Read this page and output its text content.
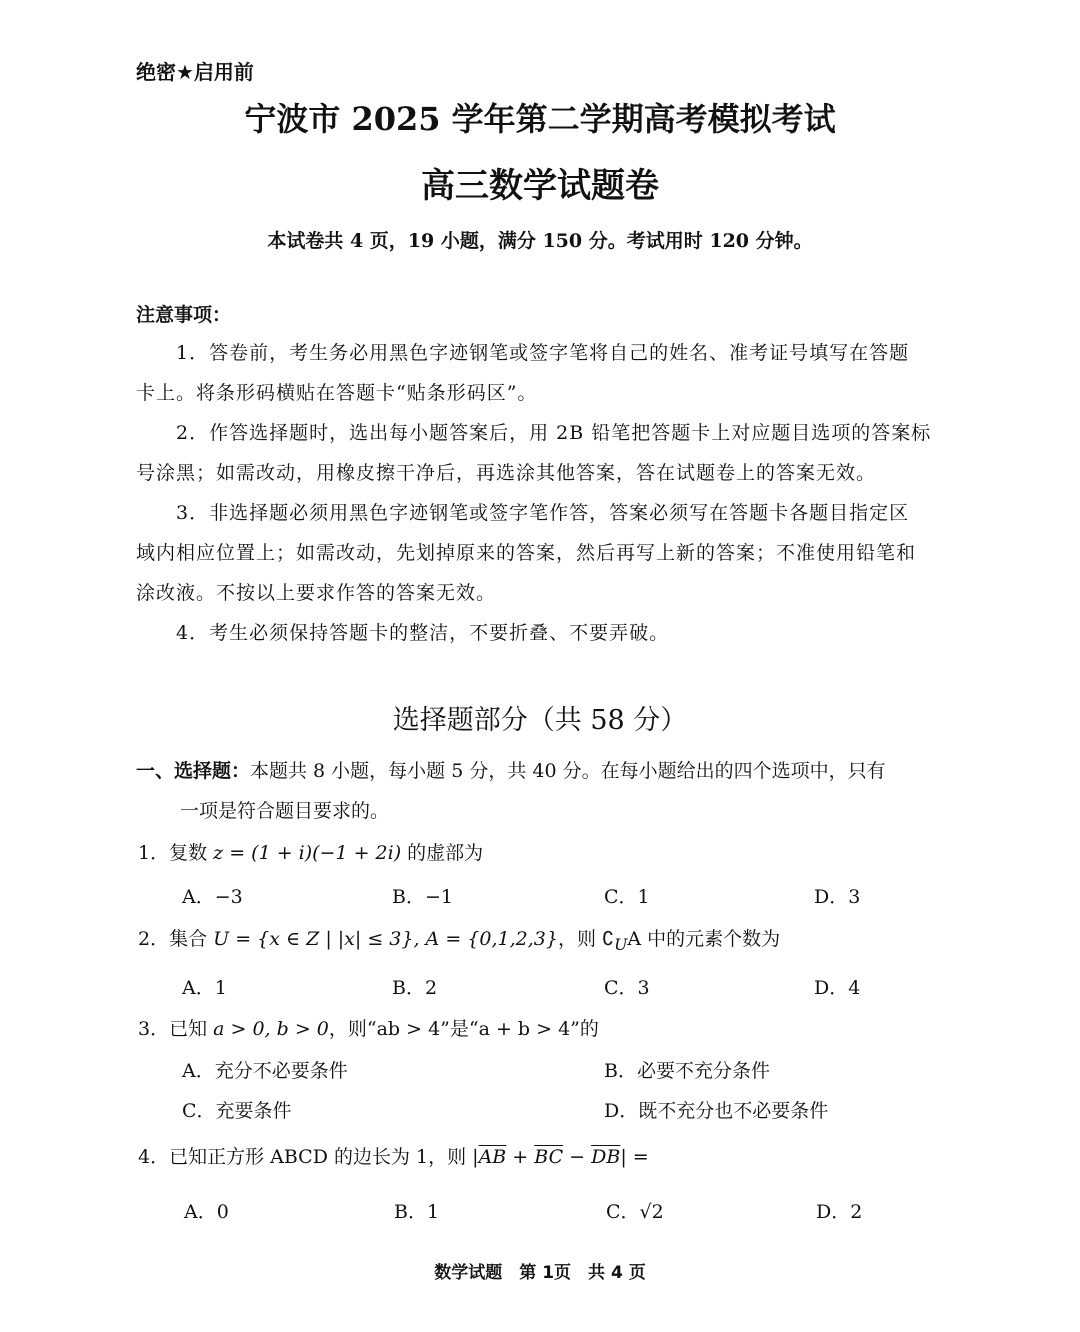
绝密★启用前
宁波市 2025 学年第二学期高考模拟考试
高三数学试题卷
本试卷共 4 页，19 小题，满分 150 分。考试用时 120 分钟。
注意事项：
1．答卷前，考生务必用黑色字迹钢笔或签字笔将自己的姓名、准考证号填写在答题
卡上。将条形码横贴在答题卡“贴条形码区”。
2．作答选择题时，选出每小题答案后，用 2B 铅笔把答题卡上对应题目选项的答案标
号涂黑；如需改动，用橡皮擦干净后，再选涂其他答案，答在试题卷上的答案无效。
3．非选择题必须用黑色字迹钢笔或签字笔作答，答案必须写在答题卡各题目指定区
域内相应位置上；如需改动，先划掉原来的答案，然后再写上新的答案；不准使用铅笔和
涂改液。不按以上要求作答的答案无效。
4．考生必须保持答题卡的整洁，不要折叠、不要弄破。
选择题部分（共 58 分）
一、选择题：本题共 8 小题，每小题 5 分，共 40 分。在每小题给出的四个选项中，只有
一项是符合题目要求的。
1．复数 z = (1 + i)(−1 + 2i) 的虚部为
A．−3	B．−1	C．1	D．3
2．集合 U = {x ∈ Z | |x| ≤ 3}, A = {0,1,2,3}，则 $∁_UA$ 中的元素个数为
A．1	B．2	C．3	D．4
3．已知 a > 0, b > 0，则“ab > 4”是“a + b > 4”的
A．充分不必要条件	B．必要不充分条件
C．充要条件	D．既不充分也不必要条件
4．已知正方形 ABCD 的边长为 1，则 $|\overline{AB} + \overline{BC} - \overline{DB}|$ =
A．0	B．1	C．√2	D．2
数学试题　第 1页　共 4 页
